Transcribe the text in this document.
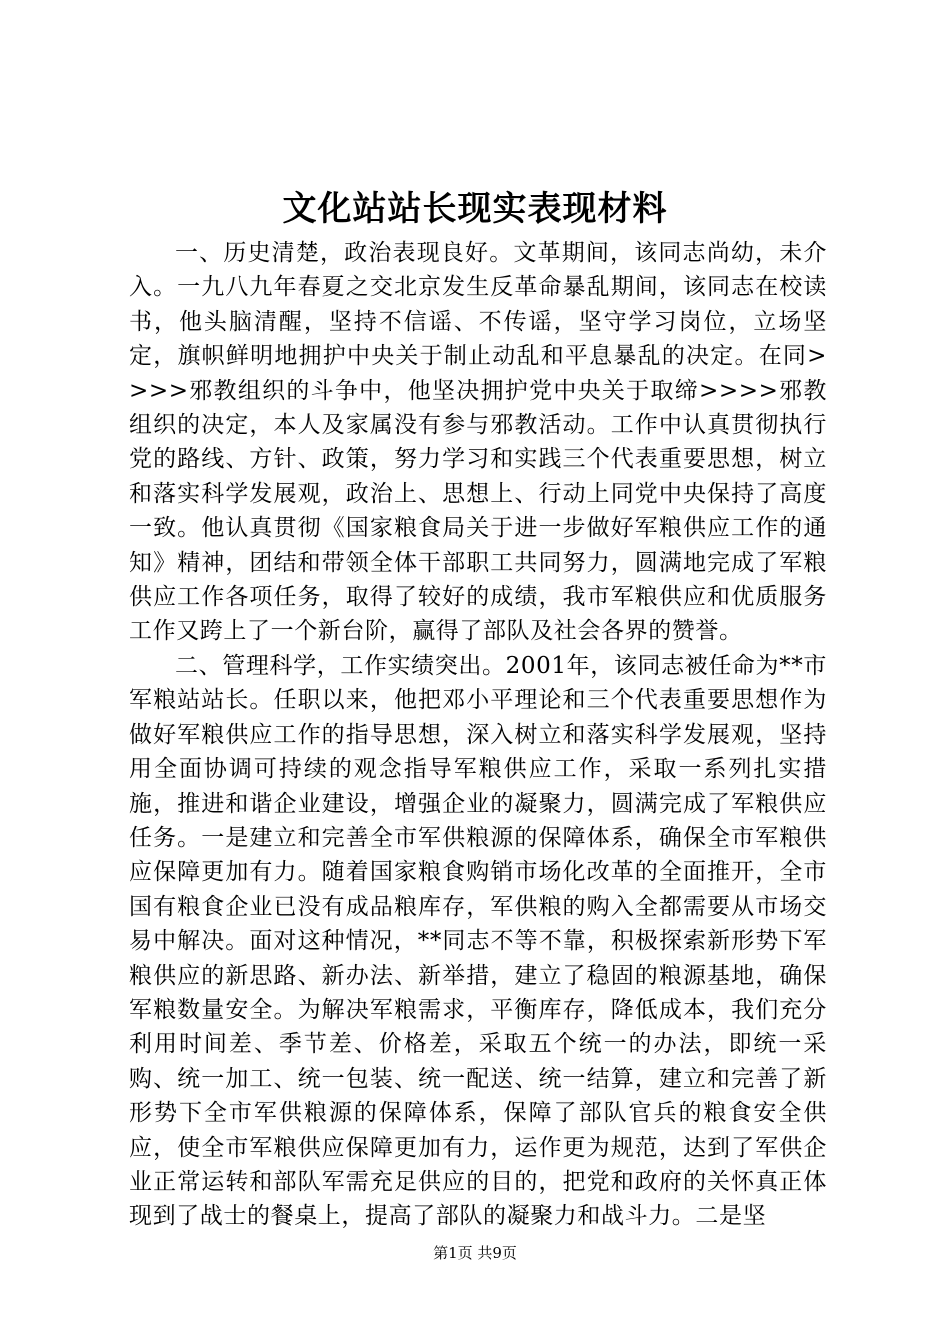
文化站站长现实表现材料

一、历史清楚，政治表现良好。文革期间，该同志尚幼，未介入。一九八九年春夏之交北京发生反革命暴乱期间，该同志在校读书，他头脑清醒，坚持不信谣、不传谣，坚守学习岗位，立场坚定，旗帜鲜明地拥护中央关于制止动乱和平息暴乱的决定。在同>>>>邪教组织的斗争中，他坚决拥护党中央关于取缔>>>>邪教组织的决定，本人及家属没有参与邪教活动。工作中认真贯彻执行党的路线、方针、政策，努力学习和实践三个代表重要思想，树立和落实科学发展观，政治上、思想上、行动上同党中央保持了高度一致。他认真贯彻《国家粮食局关于进一步做好军粮供应工作的通知》精神，团结和带领全体干部职工共同努力，圆满地完成了军粮供应工作各项任务，取得了较好的成绩，我市军粮供应和优质服务工作又跨上了一个新台阶，赢得了部队及社会各界的赞誉。

二、管理科学，工作实绩突出。2001年，该同志被任命为**市军粮站站长。任职以来，他把邓小平理论和三个代表重要思想作为做好军粮供应工作的指导思想，深入树立和落实科学发展观，坚持用全面协调可持续的观念指导军粮供应工作，采取一系列扎实措施，推进和谐企业建设，增强企业的凝聚力，圆满完成了军粮供应任务。一是建立和完善全市军供粮源的保障体系，确保全市军粮供应保障更加有力。随着国家粮食购销市场化改革的全面推开，全市国有粮食企业已没有成品粮库存，军供粮的购入全都需要从市场交易中解决。面对这种情况，**同志不等不靠，积极探索新形势下军粮供应的新思路、新办法、新举措，建立了稳固的粮源基地，确保军粮数量安全。为解决军粮需求，平衡库存，降低成本，我们充分利用时间差、季节差、价格差，采取五个统一的办法，即统一采购、统一加工、统一包装、统一配送、统一结算，建立和完善了新形势下全市军供粮源的保障体系，保障了部队官兵的粮食安全供应，使全市军粮供应保障更加有力，运作更为规范，达到了军供企业正常运转和部队军需充足供应的目的，把党和政府的关怀真正体现到了战士的餐桌上，提高了部队的凝聚力和战斗力。二是坚

第1页 共9页
